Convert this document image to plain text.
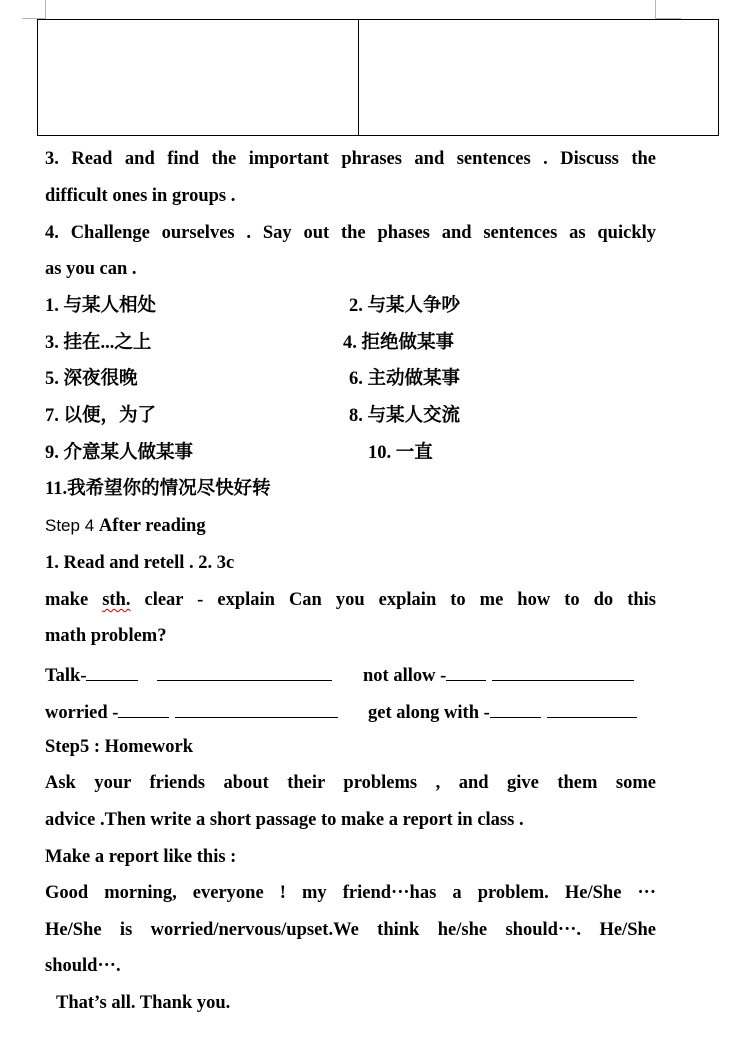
3. Read and find the important phrases and sentences . Discuss the
difficult ones in groups .
4. Challenge ourselves . Say out the phases and sentences as quickly
as you can .
1. 与某人相处	2. 与某人争吵
3. 挂在...之上	4. 拒绝做某事
5. 深夜很晚	6. 主动做某事
7. 以便，为了	8. 与某人交流
9. 介意某人做某事	10. 一直
11.我希望你的情况尽快好转
Step 4 After reading
1. Read and retell . 2. 3c
make sth. clear - explain Can you explain to me how to do this
math problem?
Talk-	not allow -
worried -	get along with -
Step5 : Homework
Ask your friends about their problems , and give them some
advice .Then write a short passage to make a report in class .
Make a report like this :
Good morning, everyone ! my friend···has a problem. He/She ···
He/She is worried/nervous/upset.We think he/she should···. He/She
should···.
That’s all. Thank you.
